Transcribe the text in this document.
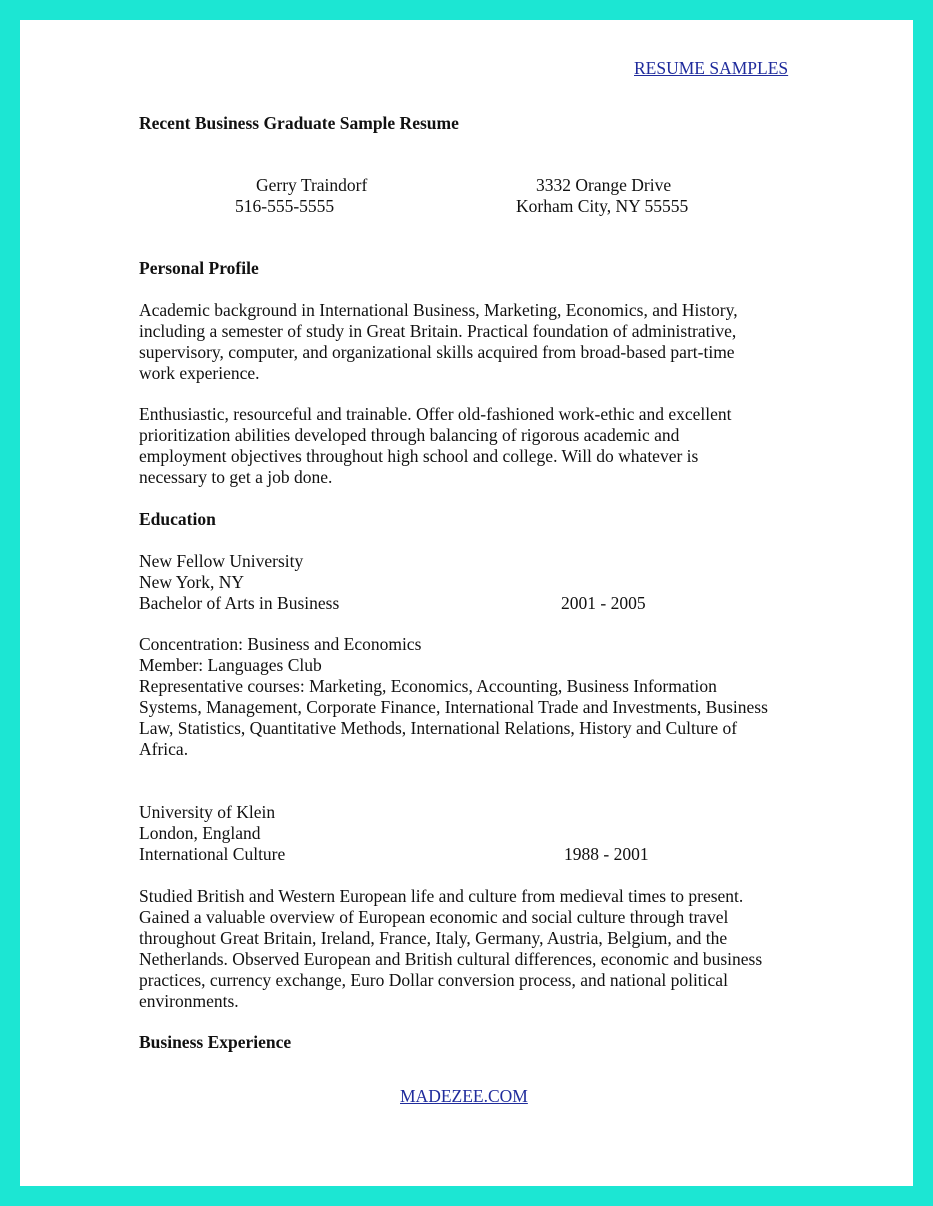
RESUME SAMPLES
Recent Business Graduate Sample Resume
Gerry Traindorf
516-555-5555
3332 Orange Drive
Korham City, NY 55555
Personal Profile
Academic background in International Business, Marketing, Economics, and History,
including a semester of study in Great Britain. Practical foundation of administrative,
supervisory, computer, and organizational skills acquired from broad-based part-time
work experience.
Enthusiastic, resourceful and trainable. Offer old-fashioned work-ethic and excellent
prioritization abilities developed through balancing of rigorous academic and
employment objectives throughout high school and college. Will do whatever is
necessary to get a job done.
Education
New Fellow University
New York, NY
Bachelor of Arts in Business	2001 - 2005
Concentration: Business and Economics
Member: Languages Club
Representative courses: Marketing, Economics, Accounting, Business Information
Systems, Management, Corporate Finance, International Trade and Investments, Business
Law, Statistics, Quantitative Methods, International Relations, History and Culture of
Africa.
University of Klein
London, England
International Culture	1988 - 2001
Studied British and Western European life and culture from medieval times to present.
Gained a valuable overview of European economic and social culture through travel
throughout Great Britain, Ireland, France, Italy, Germany, Austria, Belgium, and the
Netherlands. Observed European and British cultural differences, economic and business
practices, currency exchange, Euro Dollar conversion process, and national political
environments.
Business Experience
MADEZEE.COM
